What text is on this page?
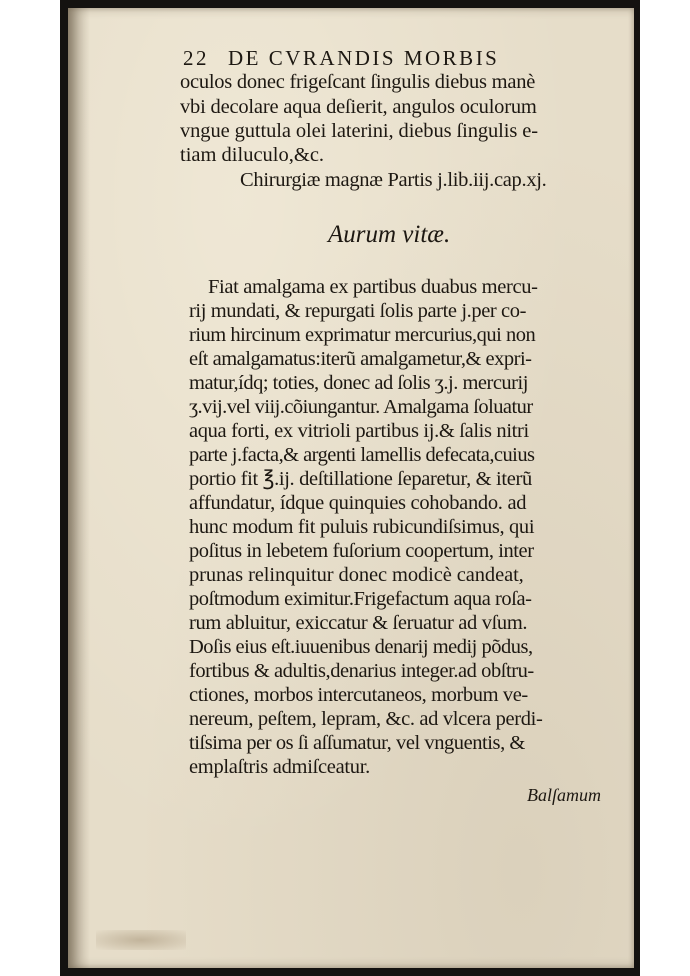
22 DE CVRANDIS MORBIS
oculos donec frigeſcant ſingulis diebus manè
vbi decolare aqua deſierit, angulos oculorum
vngue guttula olei laterini, diebus ſingulis e-
tiam diluculo,&c.
Chirurgiæ magnæ Partis j.lib.iij.cap.xj.
Aurum vitæ.
Fiat amalgama ex partibus duabus mercu-
rij mundati, & repurgati ſolis parte j.per co-
rium hircinum exprimatur mercurius,qui non
eſt amalgamatus:iterũ amalgametur,& expri-
matur,ídq; toties, donec ad ſolis ʒ.j. mercurij
ʒ.vij.vel viij.cõiungantur. Amalgama ſoluatur
aqua forti, ex vitrioli partibus ij.& ſalis nitri
parte j.facta,& argenti lamellis defecata,cuius
portio fit ℥.ij. deſtillatione ſeparetur, & iterũ
affundatur, ídque quinquies cohobando. ad
hunc modum fit puluis rubicundiſsimus, qui
poſitus in lebetem fuſorium coopertum, inter
prunas relinquitur donec modicè candeat,
poſtmodum eximitur.Frigefactum aqua roſa-
rum abluitur, exiccatur & ſeruatur ad vſum.
Doſis eius eſt.iuuenibus denarij medij põdus,
fortibus & adultis,denarius integer.ad obſtru-
ctiones, morbos intercutaneos, morbum ve-
nereum, peſtem, lepram, &c. ad vlcera perdi-
tiſsima per os ſi aſſumatur, vel vnguentis, &
emplaſtris admiſceatur.
Balſamum
